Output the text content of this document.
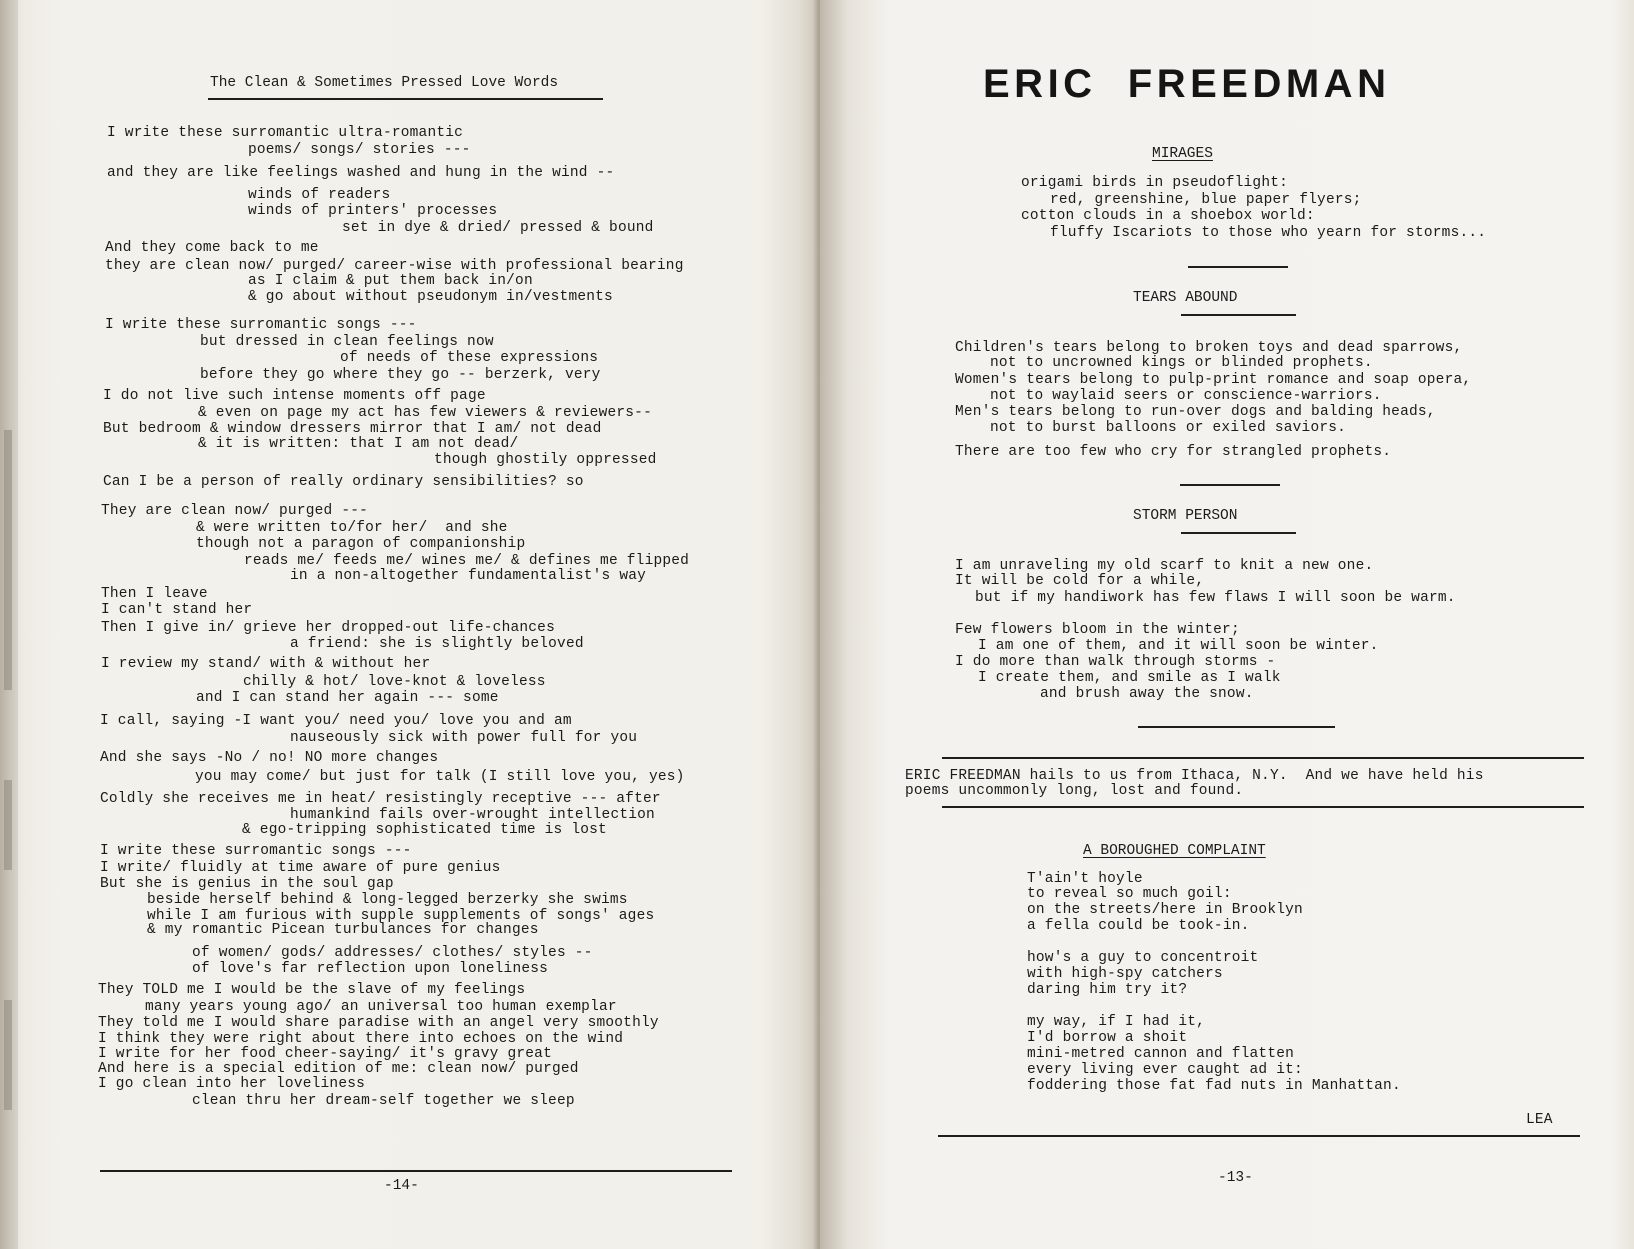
The Clean & Sometimes Pressed Love Words
I write these surromantic ultra-romantic
poems/ songs/ stories ---
and they are like feelings washed and hung in the wind --
winds of readers
winds of printers' processes
set in dye & dried/ pressed & bound
And they come back to me
they are clean now/ purged/ career-wise with professional bearing
as I claim & put them back in/on
& go about without pseudonym in/vestments
I write these surromantic songs ---
but dressed in clean feelings now
of needs of these expressions
before they go where they go -- berzerk, very
I do not live such intense moments off page
& even on page my act has few viewers & reviewers--
But bedroom & window dressers mirror that I am/ not dead
& it is written: that I am not dead/
though ghostily oppressed
Can I be a person of really ordinary sensibilities? so
They are clean now/ purged ---
& were written to/for her/  and she
though not a paragon of companionship
reads me/ feeds me/ wines me/ & defines me flipped
in a non-altogether fundamentalist's way
Then I leave
I can't stand her
Then I give in/ grieve her dropped-out life-chances
a friend: she is slightly beloved
I review my stand/ with & without her
chilly & hot/ love-knot & loveless
and I can stand her again --- some
I call, saying -I want you/ need you/ love you and am
nauseously sick with power full for you
And she says -No / no! NO more changes
you may come/ but just for talk (I still love you, yes)
Coldly she receives me in heat/ resistingly receptive --- after
humankind fails over-wrought intellection
& ego-tripping sophisticated time is lost
I write these surromantic songs ---
I write/ fluidly at time aware of pure genius
But she is genius in the soul gap
beside herself behind & long-legged berzerky she swims
while I am furious with supple supplements of songs' ages
& my romantic Picean turbulances for changes
of women/ gods/ addresses/ clothes/ styles --
of love's far reflection upon loneliness
They TOLD me I would be the slave of my feelings
many years young ago/ an universal too human exemplar
They told me I would share paradise with an angel very smoothly
I think they were right about there into echoes on the wind
I write for her food cheer-saying/ it's gravy great
And here is a special edition of me: clean now/ purged
I go clean into her loveliness
clean thru her dream-self together we sleep
-14-
ERIC  FREEDMAN
MIRAGES
TEARS ABOUND
STORM PERSON
A BOROUGHED COMPLAINT
origami birds in pseudoflight:
red, greenshine, blue paper flyers;
cotton clouds in a shoebox world:
fluffy Iscariots to those who yearn for storms...
Children's tears belong to broken toys and dead sparrows,
not to uncrowned kings or blinded prophets.
Women's tears belong to pulp-print romance and soap opera,
not to waylaid seers or conscience-warriors.
Men's tears belong to run-over dogs and balding heads,
not to burst balloons or exiled saviors.
There are too few who cry for strangled prophets.
I am unraveling my old scarf to knit a new one.
It will be cold for a while,
but if my handiwork has few flaws I will soon be warm.
Few flowers bloom in the winter;
I am one of them, and it will soon be winter.
I do more than walk through storms -
I create them, and smile as I walk
and brush away the snow.
ERIC FREEDMAN hails to us from Ithaca, N.Y.  And we have held his
poems uncommonly long, lost and found.
T'ain't hoyle
to reveal so much goil:
on the streets/here in Brooklyn
a fella could be took-in.
how's a guy to concentroit
with high-spy catchers
daring him try it?
my way, if I had it,
I'd borrow a shoit
mini-metred cannon and flatten
every living ever caught ad it:
foddering those fat fad nuts in Manhattan.
LEA
-13-
